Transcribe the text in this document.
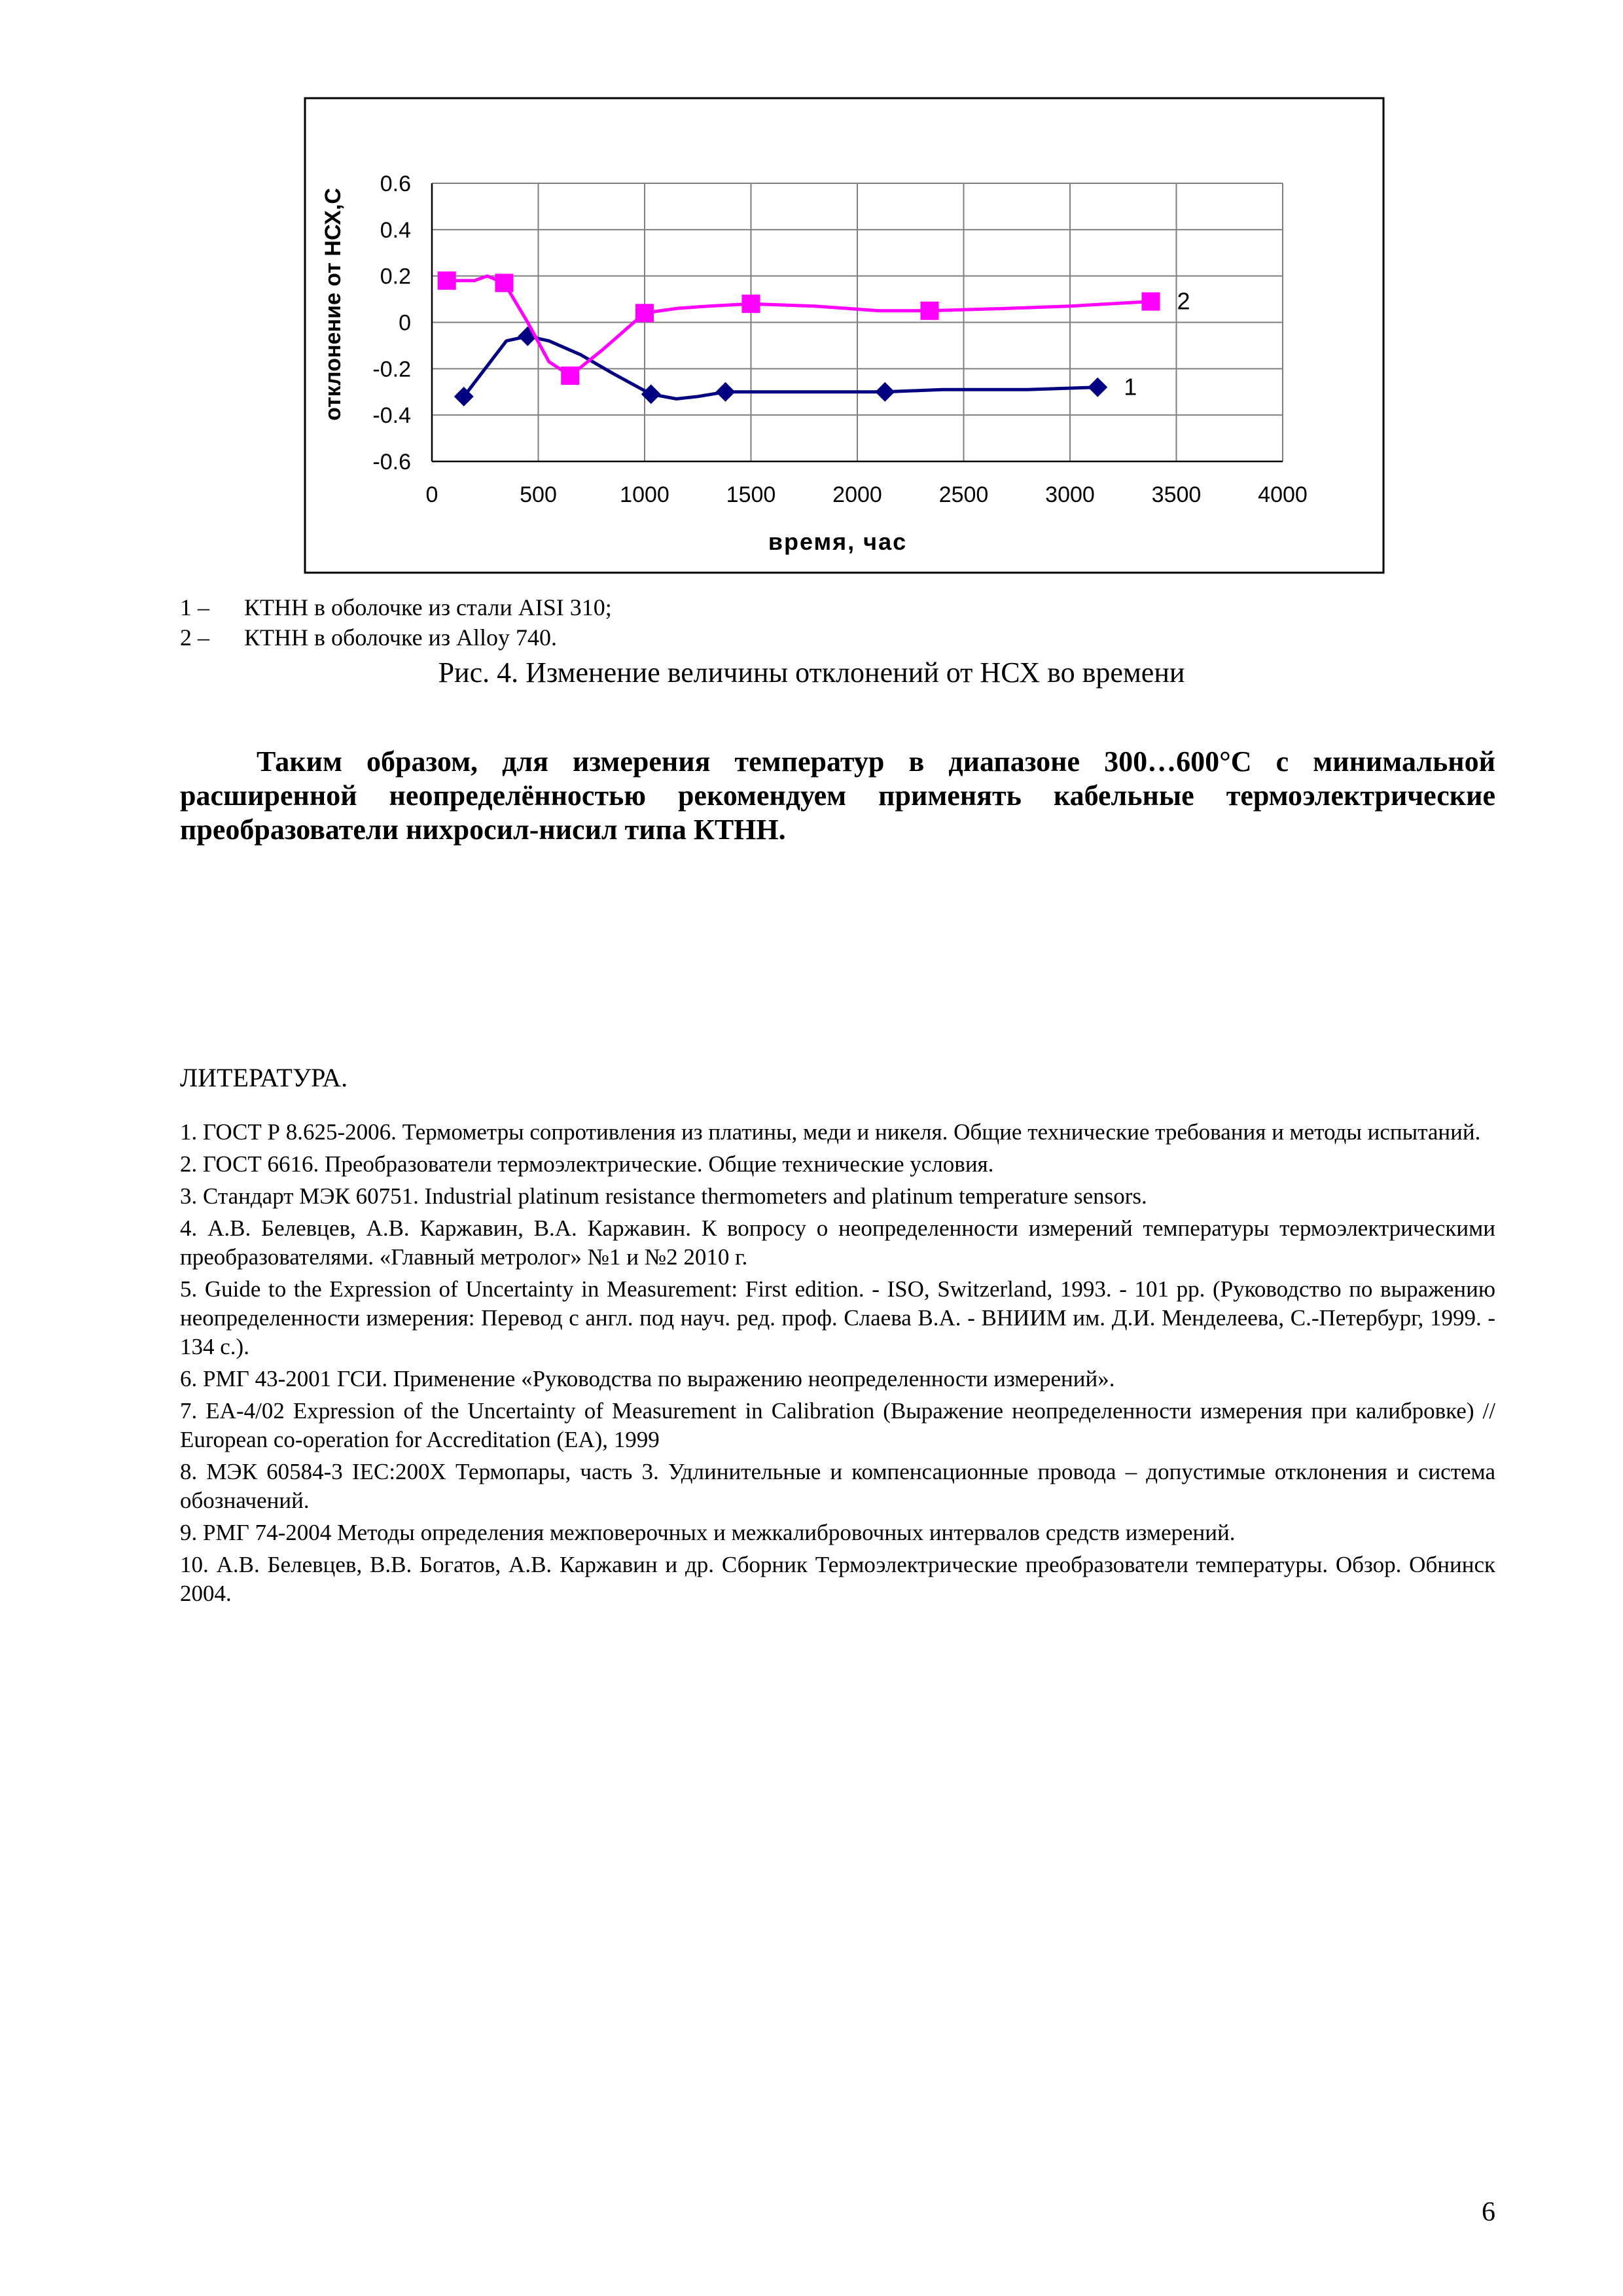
0.6
0.4
0.2
0
-0.2
-0.4
-0.6
0	500	1000	1500	2000	2500	3000	3500	4000
отклонение от НСХ,С
время, час
1
2
1 – КТНН в оболочке из стали AISI 310;
2 – КТНН в оболочке из Alloy 740.
Рис. 4. Изменение величины отклонений от НСХ во времени
Таким образом, для измерения температур в диапазоне 300…600°С с минимальной расширенной неопределённостью рекомендуем применять кабельные термоэлектрические преобразователи нихросил-нисил типа КТНН.
ЛИТЕРАТУРА.
1. ГОСТ Р 8.625-2006. Термометры сопротивления из платины, меди и никеля. Общие технические требования и методы испытаний.
2. ГОСТ 6616. Преобразователи термоэлектрические. Общие технические условия.
3. Стандарт МЭК 60751. Industrial platinum resistance thermometers and platinum temperature sensors.
4. А.В. Белевцев, А.В. Каржавин, В.А. Каржавин. К вопросу о неопределенности измерений температуры термоэлектрическими преобразователями. «Главный метролог» №1 и №2 2010 г.
5. Guide to the Expression of Uncertainty in Measurement: First edition. - ISO, Switzerland, 1993. - 101 pp. (Руководство по выражению неопределенности измерения: Перевод с англ. под науч. ред. проф. Слаева В.А. - ВНИИМ им. Д.И. Менделеева, С.-Петербург, 1999. - 134 с.).
6. РМГ 43-2001 ГСИ. Применение «Руководства по выражению неопределенности измерений».
7. EA-4/02 Expression of the Uncertainty of Measurement in Calibration (Выражение неопределенности измерения при калибровке) // European co-operation for Accreditation (EA), 1999
8. МЭК 60584-3 IEC:200X Термопары, часть 3. Удлинительные и компенсационные провода – допустимые отклонения и система обозначений.
9. РМГ 74-2004 Методы определения межповерочных и межкалибровочных интервалов средств измерений.
10. А.В. Белевцев, В.В. Богатов, А.В. Каржавин и др. Сборник Термоэлектрические преобразователи температуры. Обзор. Обнинск 2004.
6
